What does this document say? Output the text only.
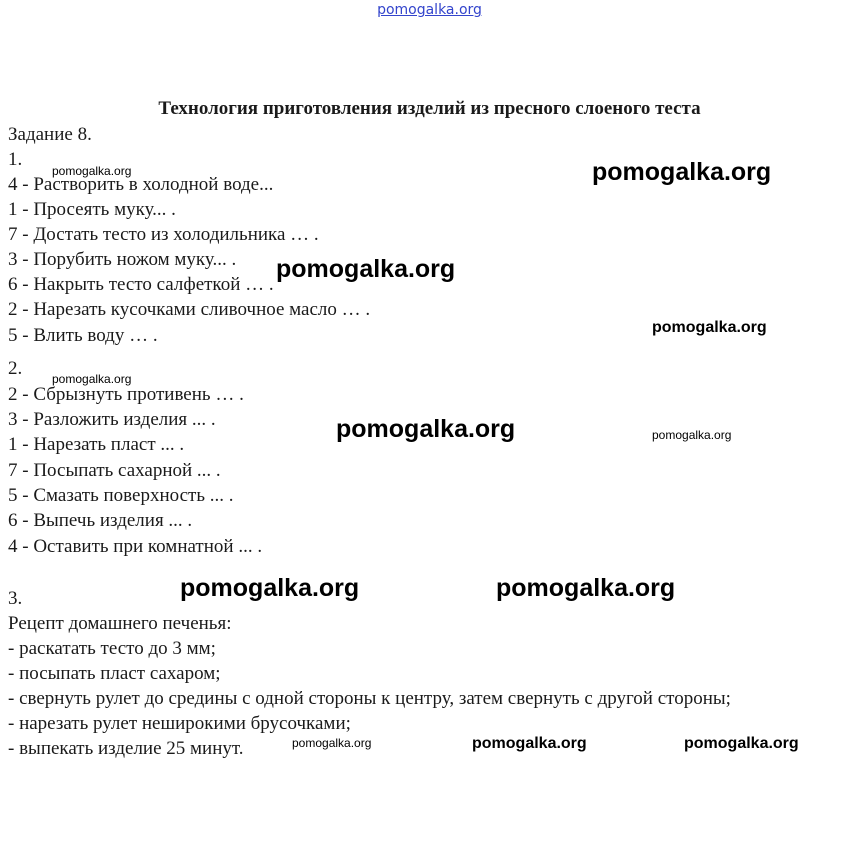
pomogalka.org
Технология приготовления изделий из пресного слоеного теста
Задание 8.
1.
4 - Растворить в холодной воде...
1 - Просеять муку... .
7 - Достать тесто из холодильника … .
3 - Порубить ножом муку... .
6 - Накрыть тесто салфеткой … .
2 - Нарезать кусочками сливочное масло … .
5 - Влить воду … .
2.
2 - Сбрызнуть противень … .
3 - Разложить изделия ... .
1 - Нарезать пласт ... .
7 - Посыпать сахарной ... .
5 - Смазать поверхность ... .
6 - Выпечь изделия ... .
4 - Оставить при комнатной ... .
3.
Рецепт домашнего печенья:
- раскатать тесто до 3 мм;
- посыпать пласт сахаром;
- свернуть рулет до средины с одной стороны к центру, затем свернуть с другой стороны;
- нарезать рулет неширокими брусочками;
- выпекать изделие 25 минут.
pomogalka.org	pomogalka.org
pomogalka.org
pomogalka.org
pomogalka.org
pomogalka.org	pomogalka.org
pomogalka.org	pomogalka.org
pomogalka.org	pomogalka.org	pomogalka.org
